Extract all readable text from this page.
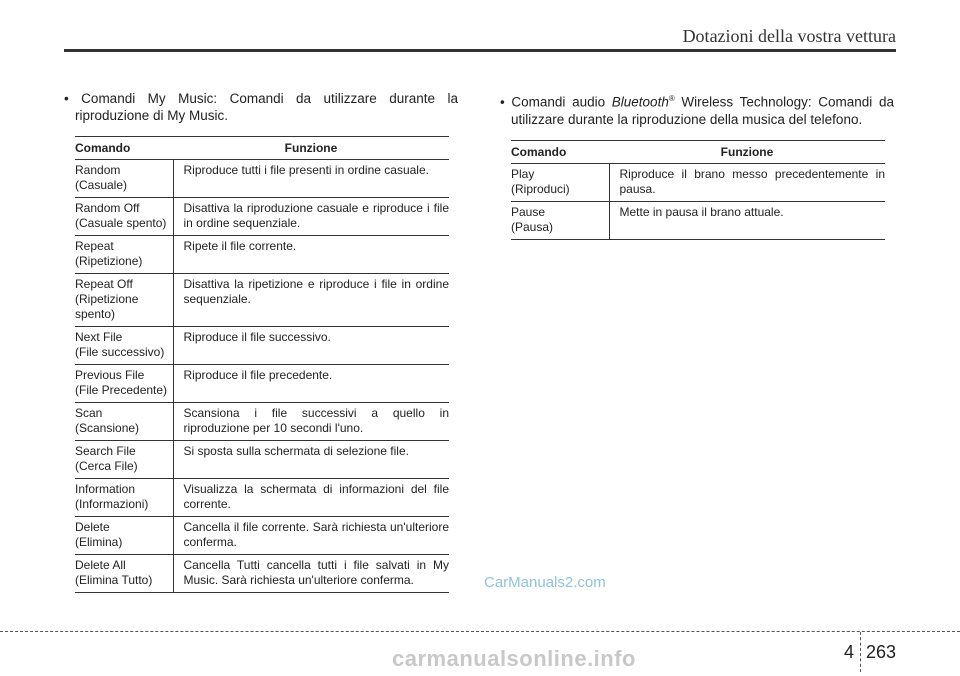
Dotazioni della vostra vettura

• Comandi My Music: Comandi da utilizzare durante la riproduzione di My Music.

Comando	Funzione
Random
(Casuale)	Riproduce tutti i file presenti in ordine casuale.
Random Off
(Casuale spento)	Disattiva la riproduzione casuale e riproduce i file in ordine sequenziale.
Repeat
(Ripetizione)	Ripete il file corrente.
Repeat Off
(Ripetizione
spento)	Disattiva la ripetizione e riproduce i file in ordine sequenziale.
Next File
(File successivo)	Riproduce il file successivo.
Previous File
(File Precedente)	Riproduce il file precedente.
Scan
(Scansione)	Scansiona i file successivi a quello in riproduzione per 10 secondi l'uno.
Search File
(Cerca File)	Si sposta sulla schermata di selezione file.
Information
(Informazioni)	Visualizza la schermata di informazioni del file corrente.
Delete
(Elimina)	Cancella il file corrente. Sarà richiesta un'ulteriore conferma.
Delete All
(Elimina Tutto)	Cancella Tutti cancella tutti i file salvati in My Music. Sarà richiesta un'ulteriore conferma.

• Comandi audio Bluetooth® Wireless Technology: Comandi da utilizzare durante la riproduzione della musica del telefono.

Comando	Funzione
Play
(Riproduci)	Riproduce il brano messo precedentemente in pausa.
Pause
(Pausa)	Mette in pausa il brano attuale.
CarManuals2.com
4 263
carmanualsonline.info
